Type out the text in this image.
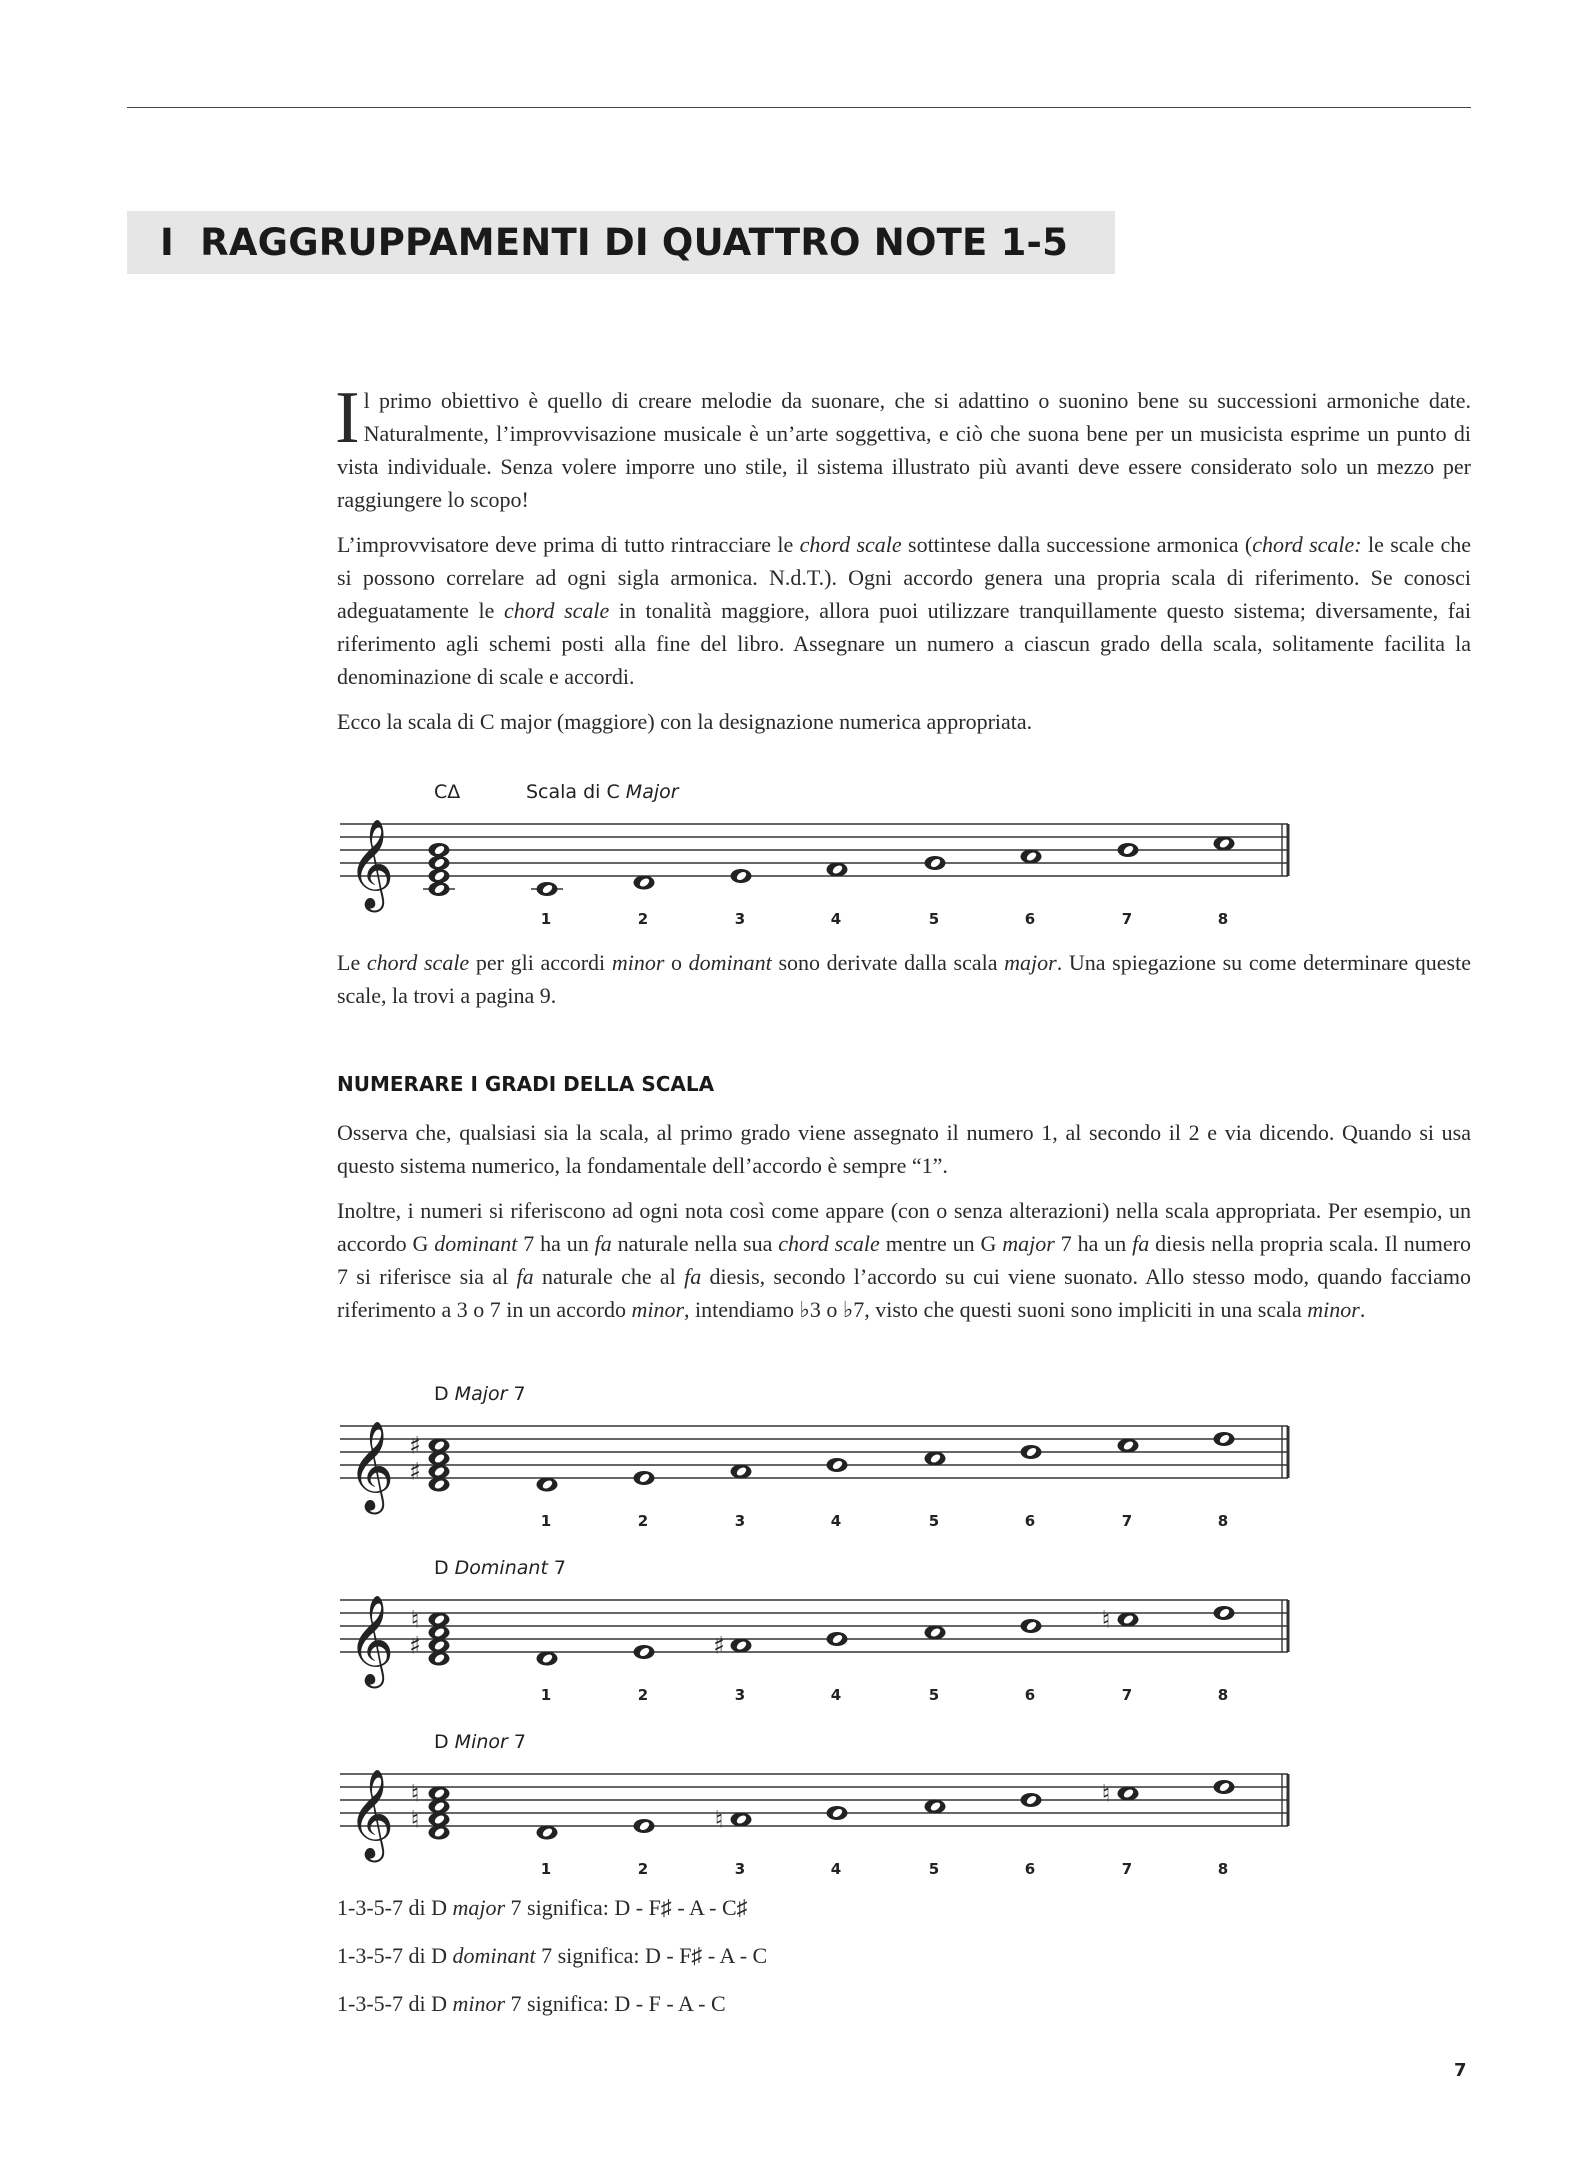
I  RAGGRUPPAMENTI DI QUATTRO NOTE 1-5

Il primo obiettivo è quello di creare melodie da suonare, che si adattino o suonino bene su successioni armoniche date. Naturalmente, l’improvvisazione musicale è un’arte soggettiva, e ciò che suona bene per un musicista esprime un punto di vista individuale. Senza volere imporre uno stile, il sistema illustrato più avanti deve essere considerato solo un mezzo per raggiungere lo scopo!

L’improvvisatore deve prima di tutto rintracciare le chord scale sottintese dalla successione armonica (chord scale: le scale che si possono correlare ad ogni sigla armonica. N.d.T.). Ogni accordo genera una propria scala di riferimento. Se conosci adeguatamente le chord scale in tonalità maggiore, allora puoi utilizzare tranquillamente questo sistema; diversamente, fai riferimento agli schemi posti alla fine del libro. Assegnare un numero a ciascun grado della scala, solitamente facilita la denominazione di scale e accordi.

Ecco la scala di C major (maggiore) con la designazione numerica appropriata.

𝄞
CΔ	Scala di C Major
1	2	3	4	5	6	7	8

Le chord scale per gli accordi minor o dominant sono derivate dalla scala major. Una spiegazione su come determinare queste scale, la trovi a pagina 9.

NUMERARE I GRADI DELLA SCALA

Osserva che, qualsiasi sia la scala, al primo grado viene assegnato il numero 1, al secondo il 2 e via dicendo. Quando si usa questo sistema numerico, la fondamentale dell’accordo è sempre “1”.

Inoltre, i numeri si riferiscono ad ogni nota così come appare (con o senza alterazioni) nella scala appropriata. Per esempio, un accordo G dominant 7 ha un fa naturale nella sua chord scale mentre un G major 7 ha un fa diesis nella propria scala. Il numero 7 si riferisce sia al fa naturale che al fa diesis, secondo l’accordo su cui viene suonato. Allo stesso modo, quando facciamo riferimento a 3 o 7 in un accordo minor, intendiamo ♭3 o ♭7, visto che questi suoni sono impliciti in una scala minor.

𝄞
D Major 7
♯
♯
1	2	3	4	5	6	7	8
𝄞
D Dominant 7
♯
♮
1	2
♯
3	4	5	6
♮
7	8
𝄞
D Minor 7
♮
♮
1	2
♮
3	4	5	6
♮
7	8
1-3-5-7 di D major 7 significa: D - F♯ - A - C♯
1-3-5-7 di D dominant 7 significa: D - F♯ - A - C
1-3-5-7 di D minor 7 significa: D - F - A - C
7
